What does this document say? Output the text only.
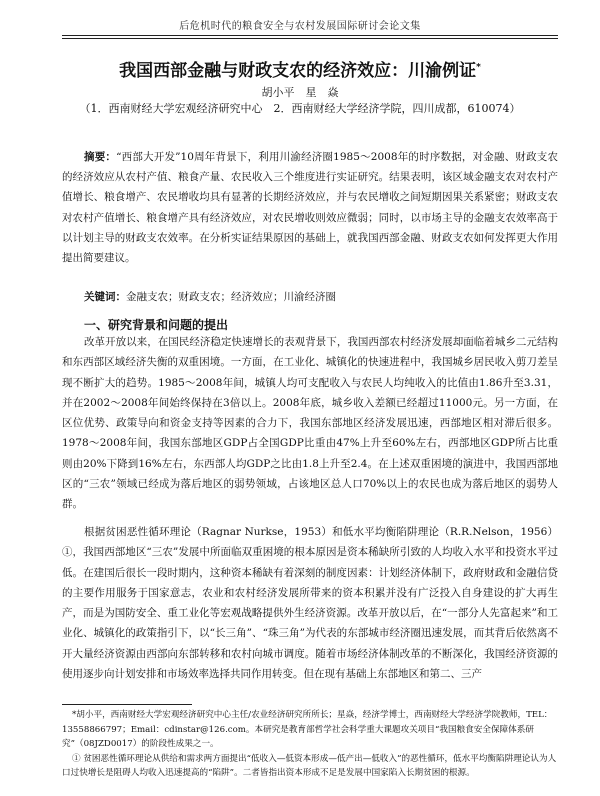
后危机时代的粮食安全与农村发展国际研讨会论文集
我国西部金融与财政支农的经济效应：川渝例证*
胡小平　星　焱
（1．西南财经大学宏观经济研究中心　2．西南财经大学经济学院，四川成都，610074）

摘要：“西部大开发”10周年背景下，利用川渝经济圈1985～2008年的时序数据，对金融、财政支农的经济效应从农村产值、粮食产量、农民收入三个维度进行实证研究。结果表明，该区域金融支农对农村产值增长、粮食增产、农民增收均具有显著的长期经济效应，并与农民增收之间短期因果关系紧密；财政支农对农村产值增长、粮食增产具有经济效应，对农民增收则效应微弱；同时，以市场主导的金融支农效率高于以计划主导的财政支农效率。在分析实证结果原因的基础上，就我国西部金融、财政支农如何发挥更大作用提出简要建议。

关键词：金融支农；财政支农；经济效应；川渝经济圈

一、研究背景和问题的提出

改革开放以来，在国民经济稳定快速增长的表观背景下，我国西部农村经济发展却面临着城乡二元结构和东西部区域经济失衡的双重困境。一方面，在工业化、城镇化的快速进程中，我国城乡居民收入剪刀差呈现不断扩大的趋势。1985～2008年间，城镇人均可支配收入与农民人均纯收入的比值由1.86升至3.31，并在2002～2008年间始终保持在3倍以上。2008年底，城乡收入差额已经超过11000元。另一方面，在区位优势、政策导向和资金支持等因素的合力下，我国东部地区经济发展迅速，西部地区相对滞后很多。1978～2008年间，我国东部地区GDP占全国GDP比重由47%上升至60%左右，西部地区GDP所占比重则由20%下降到16%左右，东西部人均GDP之比由1.8上升至2.4。在上述双重困境的演进中，我国西部地区的“三农”领域已经成为落后地区的弱势领域，占该地区总人口70%以上的农民也成为落后地区的弱势人群。

根据贫困恶性循环理论（Ragnar Nurkse，1953）和低水平均衡陷阱理论（R.R.Nelson，1956）①，我国西部地区“三农”发展中所面临双重困境的根本原因是资本稀缺所引致的人均收入水平和投资水平过低。在建国后很长一段时期内，这种资本稀缺有着深刻的制度因素：计划经济体制下，政府财政和金融信贷的主要作用服务于国家意志，农业和农村经济发展所带来的资本积累并没有广泛投入自身建设的扩大再生产，而是为国防安全、重工业化等宏观战略提供外生经济资源。改革开放以后，在“一部分人先富起来”和工业化、城镇化的政策指引下，以“长三角”、“珠三角”为代表的东部城市经济圈迅速发展，而其背后依然离不开大量经济资源由西部向东部转移和农村向城市调度。随着市场经济体制改革的不断深化，我国经济资源的使用逐步向计划安排和市场效率选择共同作用转变。但在现有基础上东部地区和第二、三产

*胡小平，西南财经大学宏观经济研究中心主任/农业经济研究所所长；星焱，经济学博士，西南财经大学经济学院教师，TEL：13558866797；Email：cdinstar@126.com。本研究是教育部哲学社会科学重大课题攻关项目“我国粮食安全保障体系研究”（08JZD0017）的阶段性成果之一。

① 贫困恶性循环理论从供给和需求两方面提出“低收入—低资本形成—低产出—低收入”的恶性循环，低水平均衡陷阱理论认为人口过快增长是阻碍人均收入迅速提高的“陷阱”。二者皆指出资本形成不足是发展中国家陷入长期贫困的根源。
